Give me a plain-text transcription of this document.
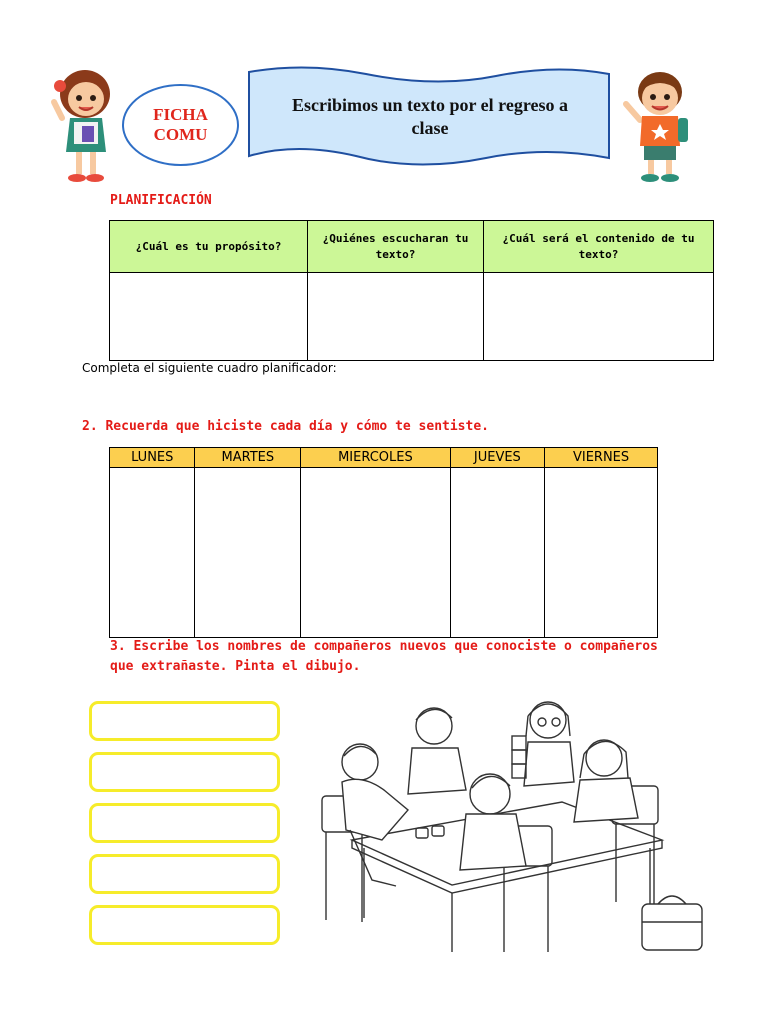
FICHA
COMU
Escribimos un texto por el regreso a
clase
PLANIFICACIÓN
¿Cuál es tu propósito?	¿Quiénes escucharan tu texto?	¿Cuál será el contenido de tu texto?

Completa el siguiente cuadro planificador:
2. Recuerda que hiciste cada día y cómo te sentiste.
LUNES	MARTES	MIERCOLES	JUEVES	VIERNES

3. Escribe los nombres de compañeros nuevos que conociste o compañeros que extrañaste. Pinta el dibujo.
